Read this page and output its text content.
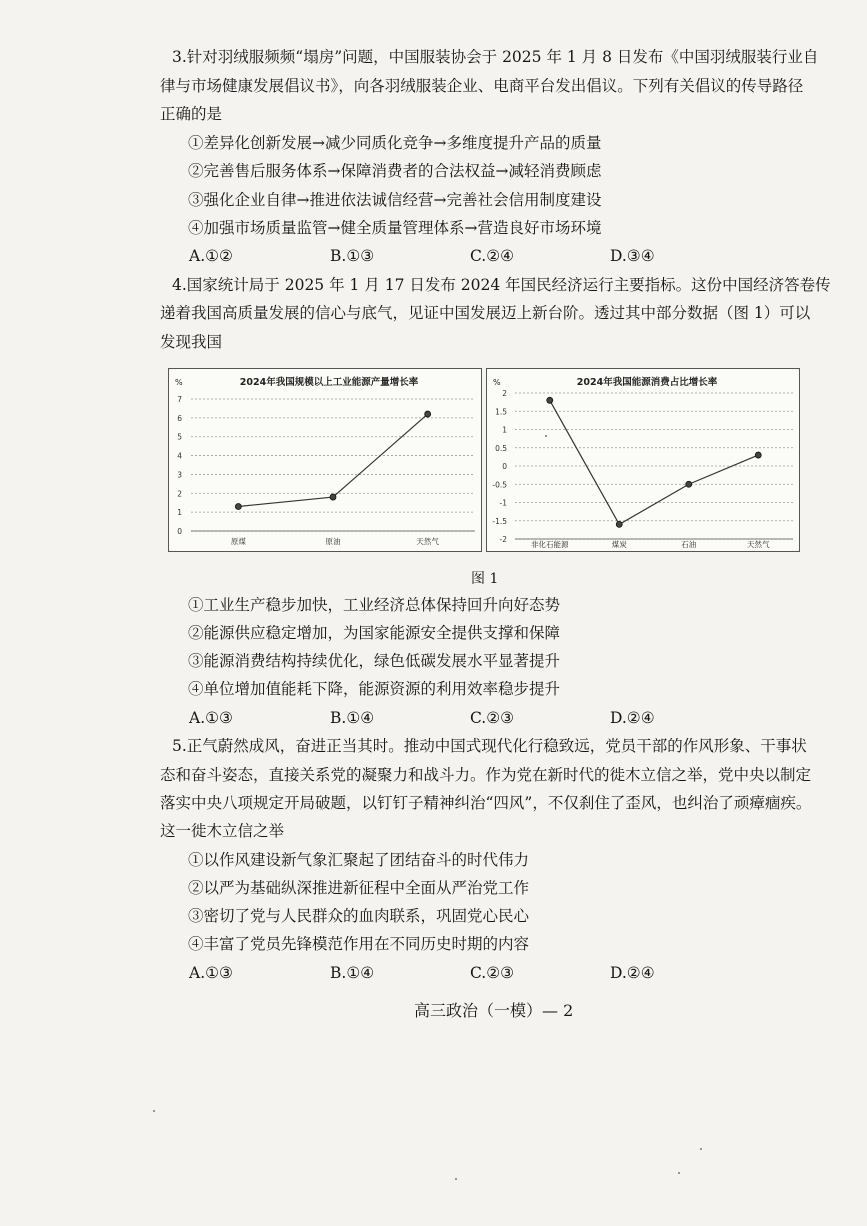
3.针对羽绒服频频“塌房”问题，中国服装协会于 2025 年 1 月 8 日发布《中国羽绒服装行业自
律与市场健康发展倡议书》，向各羽绒服装企业、电商平台发出倡议。下列有关倡议的传导路径
正确的是
①差异化创新发展→减少同质化竞争→多维度提升产品的质量
②完善售后服务体系→保障消费者的合法权益→减轻消费顾虑
③强化企业自律→推进依法诚信经营→完善社会信用制度建设
④加强市场质量监管→健全质量管理体系→营造良好市场环境
A.①②	B.①③	C.②④	D.③④
4.国家统计局于 2025 年 1 月 17 日发布 2024 年国民经济运行主要指标。这份中国经济答卷传
递着我国高质量发展的信心与底气，见证中国发展迈上新台阶。透过其中部分数据（图 1）可以
发现我国
2024年我国规模以上工业能源产量增长率
%
0
1
2
3
4
5
6
7
原煤	原油	天然气
2024年我国能源消费占比增长率
%
2
1.5
1
0.5
0
-0.5
-1
-1.5
-2
非化石能源	煤炭	石油	天然气
图 1
①工业生产稳步加快，工业经济总体保持回升向好态势
②能源供应稳定增加，为国家能源安全提供支撑和保障
③能源消费结构持续优化，绿色低碳发展水平显著提升
④单位增加值能耗下降，能源资源的利用效率稳步提升
A.①③	B.①④	C.②③	D.②④
5.正气蔚然成风，奋进正当其时。推动中国式现代化行稳致远，党员干部的作风形象、干事状
态和奋斗姿态，直接关系党的凝聚力和战斗力。作为党在新时代的徙木立信之举，党中央以制定
落实中央八项规定开局破题，以钉钉子精神纠治“四风”，不仅刹住了歪风，也纠治了顽瘴痼疾。
这一徙木立信之举
①以作风建设新气象汇聚起了团结奋斗的时代伟力
②以严为基础纵深推进新征程中全面从严治党工作
③密切了党与人民群众的血肉联系，巩固党心民心
④丰富了党员先锋模范作用在不同历史时期的内容
A.①③	B.①④	C.②③	D.②④
高三政治（一模）— 2
